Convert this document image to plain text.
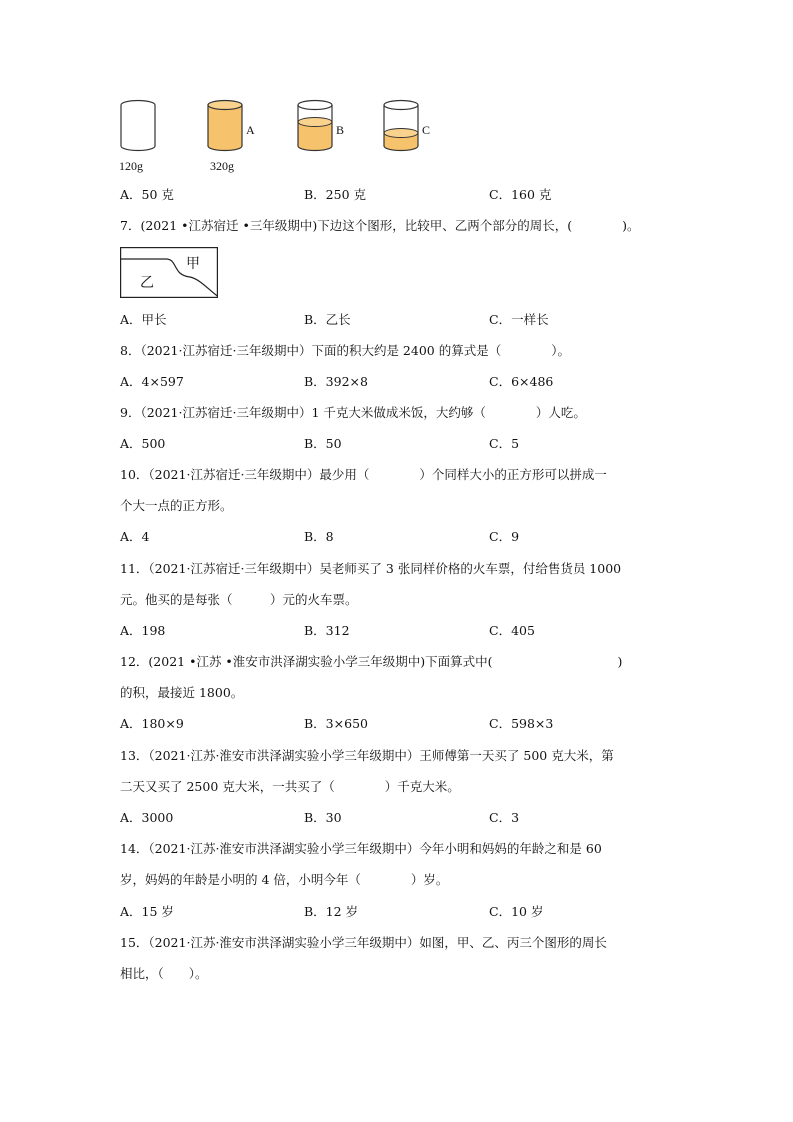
A	B	C
120g	320g
A．50 克	B．250 克	C．160 克
7．(2021 •江苏宿迁 •三年级期中)下边这个图形，比较甲、乙两个部分的周长，(　　　　)。
甲
乙
A．甲长	B．乙长	C．一样长
8．（2021·江苏宿迁·三年级期中）下面的积大约是 2400 的算式是（　　　　）。
A．4×597	B．392×8	C．6×486
9．（2021·江苏宿迁·三年级期中）1 千克大米做成米饭，大约够（　　　　）人吃。
A．500	B．50	C．5
10．（2021·江苏宿迁·三年级期中）最少用（　　　　）个同样大小的正方形可以拼成一
个大一点的正方形。
A．4	B．8	C．9
11．（2021·江苏宿迁·三年级期中）吴老师买了 3 张同样价格的火车票，付给售货员 1000
元。他买的是每张（　　　）元的火车票。
A．198	B．312	C．405
12．(2021 •江苏 •淮安市洪泽湖实验小学三年级期中)下面算式中(　　　　　　　　　　)
的积，最接近 1800。
A．180×9	B．3×650	C．598×3
13．（2021·江苏·淮安市洪泽湖实验小学三年级期中）王师傅第一天买了 500 克大米，第
二天又买了 2500 克大米，一共买了（　　　　）千克大米。
A．3000	B．30	C．3
14．（2021·江苏·淮安市洪泽湖实验小学三年级期中）今年小明和妈妈的年龄之和是 60
岁，妈妈的年龄是小明的 4 倍，小明今年（　　　　）岁。
A．15 岁	B．12 岁	C．10 岁
15．（2021·江苏·淮安市洪泽湖实验小学三年级期中）如图，甲、乙、丙三个图形的周长
相比，（　　）。
